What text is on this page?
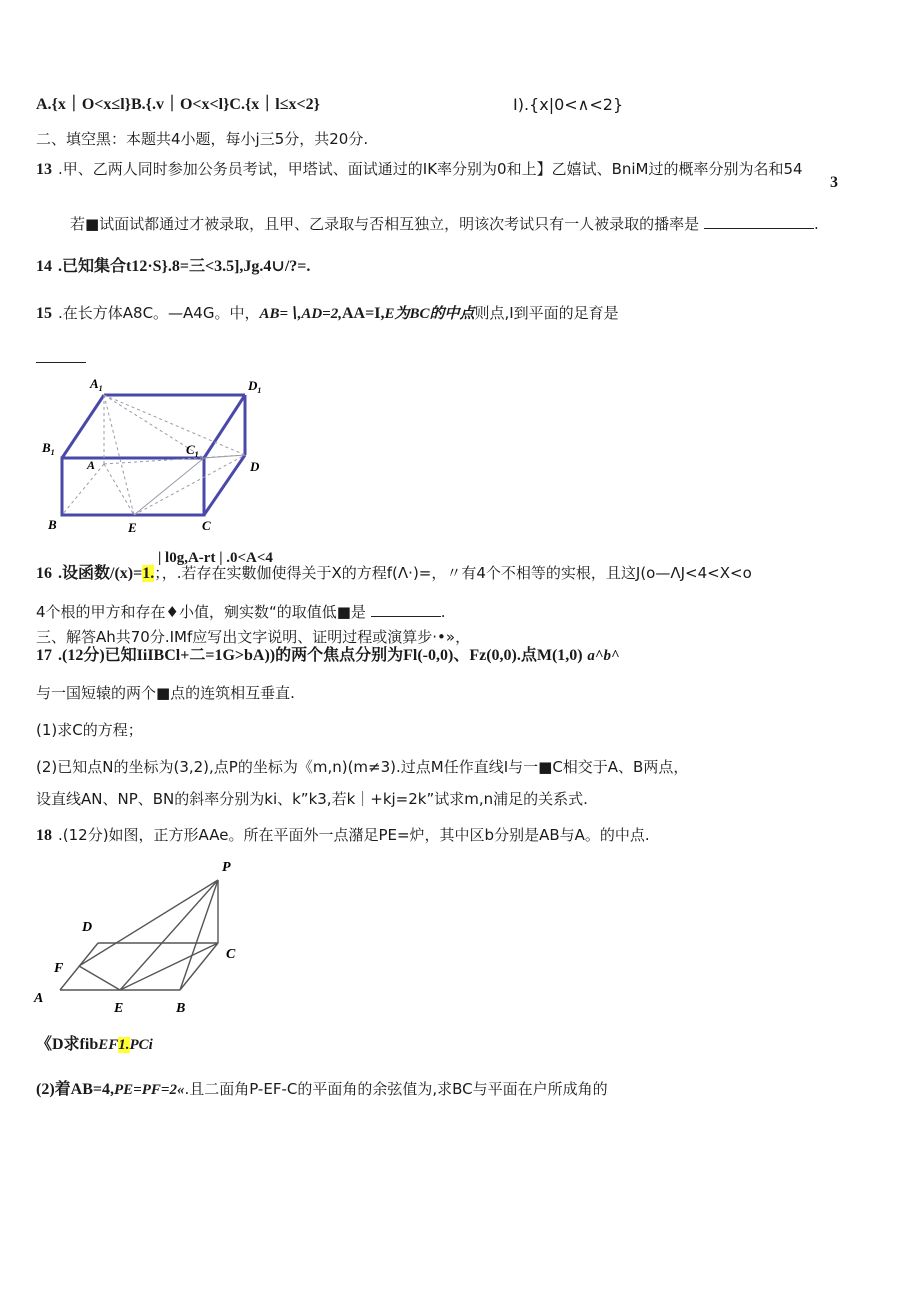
A.{x｜O<x≤l}B.{.v｜O<x<l}C.{x｜l≤x<2}	I).{x|0<∧<2}
二、填空黑：本题共4小题，每小j三5分，共20分.
13 .甲、乙两人同时参加公务员考试，甲塔试、面试通过的IK率分别为0和上】乙嬉试、BniM过的概率分别为名和54
3
若■试面试都通过才被录取，且甲、乙录取与否相互独立，明该次考试只有一人被录取的播率是	.
14 .已知集合t12·S}.8=三<3.5],Jg.4∪/?=.
15 .在长方体A8C。—A4G。中，AB=∖,AD=2,AA=I,E为BC的中点则点,I到平面的足育是
$A_1$	$D_1$
$B_1$	$C_1$
A	D
B	E	C
| l0g,A-rt | .0<A<4
16 .设函数/(x)=1.；，.若存在实數伽使得关于X的方程f(Λ·)=，〃有4个不相等的实根，且这J(o—ΛJ<4<X<o
4个根的甲方和存在♦小值，剜实数“的取值低■是	.
三、解答Ah共70分.IMf应写出文字说明、证明过程或演算步·•»，
17 .(12分)已知IiIBCl+二=1G>bA))的两个焦点分别为Fl(-0,0)、Fz(0,0).点M(1,0) a^b^
与一国短辕的两个■点的连筑相互垂直.
(1)求C的方程；
(2)已知点N的坐标为(3,2),点P的坐标为《m,n)(m≠3).过点M任作直线I与一■C相交于A、B两点，
设直线AN、NP、BN的斜率分别为ki、k”k3,若k｜+kj=2k”试求m,n浦足的关系式.
18 .(12分)如图，正方形AAe。所在平面外一点潴足PE=炉，其中区b分别是AB与A。的中点.
P
D
C
F
A
E	B
《D求fibEF1.PCi
(2)着AB=4,PE=PF=2«.且二面角P-EF-C的平面角的余弦值为,求BC与平面在户所成角的
